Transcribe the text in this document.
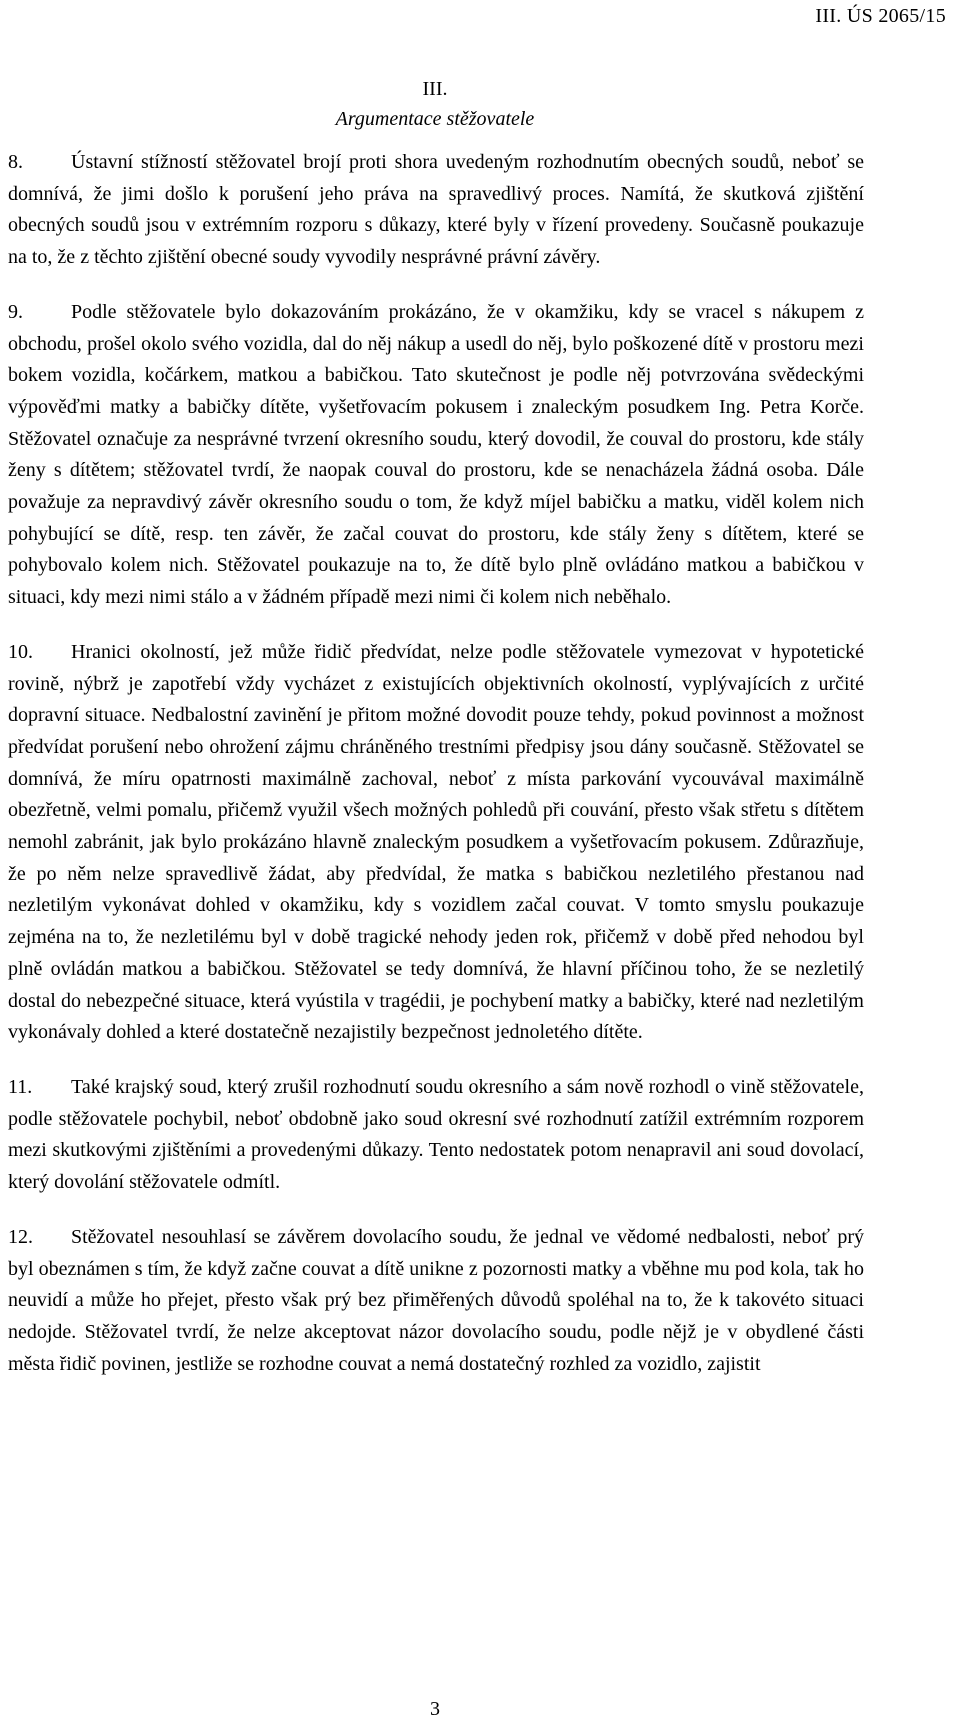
III. ÚS 2065/15
III.
Argumentace stěžovatele

8. Ústavní stížností stěžovatel brojí proti shora uvedeným rozhodnutím obecných soudů, neboť se domnívá, že jimi došlo k porušení jeho práva na spravedlivý proces. Namítá, že skutková zjištění obecných soudů jsou v extrémním rozporu s důkazy, které byly v řízení provedeny. Současně poukazuje na to, že z těchto zjištění obecné soudy vyvodily nesprávné právní závěry.

9. Podle stěžovatele bylo dokazováním prokázáno, že v okamžiku, kdy se vracel s nákupem z obchodu, prošel okolo svého vozidla, dal do něj nákup a usedl do něj, bylo poškozené dítě v prostoru mezi bokem vozidla, kočárkem, matkou a babičkou. Tato skutečnost je podle něj potvrzována svědeckými výpověďmi matky a babičky dítěte, vyšetřovacím pokusem i znaleckým posudkem Ing. Petra Korče. Stěžovatel označuje za nesprávné tvrzení okresního soudu, který dovodil, že couval do prostoru, kde stály ženy s dítětem; stěžovatel tvrdí, že naopak couval do prostoru, kde se nenacházela žádná osoba. Dále považuje za nepravdivý závěr okresního soudu o tom, že když míjel babičku a matku, viděl kolem nich pohybující se dítě, resp. ten závěr, že začal couvat do prostoru, kde stály ženy s dítětem, které se pohybovalo kolem nich. Stěžovatel poukazuje na to, že dítě bylo plně ovládáno matkou a babičkou v situaci, kdy mezi nimi stálo a v žádném případě mezi nimi či kolem nich neběhalo.

10. Hranici okolností, jež může řidič předvídat, nelze podle stěžovatele vymezovat v hypotetické rovině, nýbrž je zapotřebí vždy vycházet z existujících objektivních okolností, vyplývajících z určité dopravní situace. Nedbalostní zavinění je přitom možné dovodit pouze tehdy, pokud povinnost a možnost předvídat porušení nebo ohrožení zájmu chráněného trestními předpisy jsou dány současně. Stěžovatel se domnívá, že míru opatrnosti maximálně zachoval, neboť z místa parkování vycouvával maximálně obezřetně, velmi pomalu, přičemž využil všech možných pohledů při couvání, přesto však střetu s dítětem nemohl zabránit, jak bylo prokázáno hlavně znaleckým posudkem a vyšetřovacím pokusem. Zdůrazňuje, že po něm nelze spravedlivě žádat, aby předvídal, že matka s babičkou nezletilého přestanou nad nezletilým vykonávat dohled v okamžiku, kdy s vozidlem začal couvat. V tomto smyslu poukazuje zejména na to, že nezletilému byl v době tragické nehody jeden rok, přičemž v době před nehodou byl plně ovládán matkou a babičkou. Stěžovatel se tedy domnívá, že hlavní příčinou toho, že se nezletilý dostal do nebezpečné situace, která vyústila v tragédii, je pochybení matky a babičky, které nad nezletilým vykonávaly dohled a které dostatečně nezajistily bezpečnost jednoletého dítěte.

11. Také krajský soud, který zrušil rozhodnutí soudu okresního a sám nově rozhodl o vině stěžovatele, podle stěžovatele pochybil, neboť obdobně jako soud okresní své rozhodnutí zatížil extrémním rozporem mezi skutkovými zjištěními a provedenými důkazy. Tento nedostatek potom nenapravil ani soud dovolací, který dovolání stěžovatele odmítl.

12. Stěžovatel nesouhlasí se závěrem dovolacího soudu, že jednal ve vědomé nedbalosti, neboť prý byl obeznámen s tím, že když začne couvat a dítě unikne z pozornosti matky a vběhne mu pod kola, tak ho neuvidí a může ho přejet, přesto však prý bez přiměřených důvodů spoléhal na to, že k takovéto situaci nedojde. Stěžovatel tvrdí, že nelze akceptovat názor dovolacího soudu, podle nějž je v obydlené části města řidič povinen, jestliže se rozhodne couvat a nemá dostatečný rozhled za vozidlo, zajistit

3
